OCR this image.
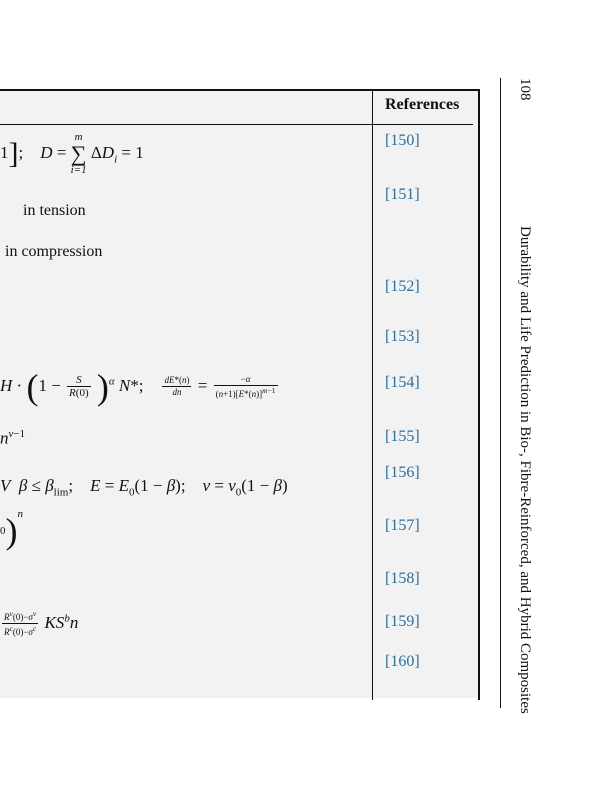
References
[150]
[151]
[152]
[153]
[154]
[155]
[156]
[157]
[158]
[159]
[160]
1];    D =
m
∑
i=1
$\Delta D_i = 1$
in tension
in compression
$H \cdot (1 - \frac{S}{R(0)} )^\alpha$ N*; $\frac{dE*(n)}{dn} = \frac{-\alpha}{(n+1)[E*(n)]^{m-1}}$
$n^{v-1}$
V $\beta \le \beta_{lim}$;    $E = E_0(1 - \beta)$;    $v = v_0(1 - \beta)$
0)$^n$
$\frac{R^v(0)-\sigma^v}{R^c(0)-\sigma^c} KS^bn$
108
Durability and Life Prediction in Bio-, Fibre-Reinforced, and Hybrid Composites
